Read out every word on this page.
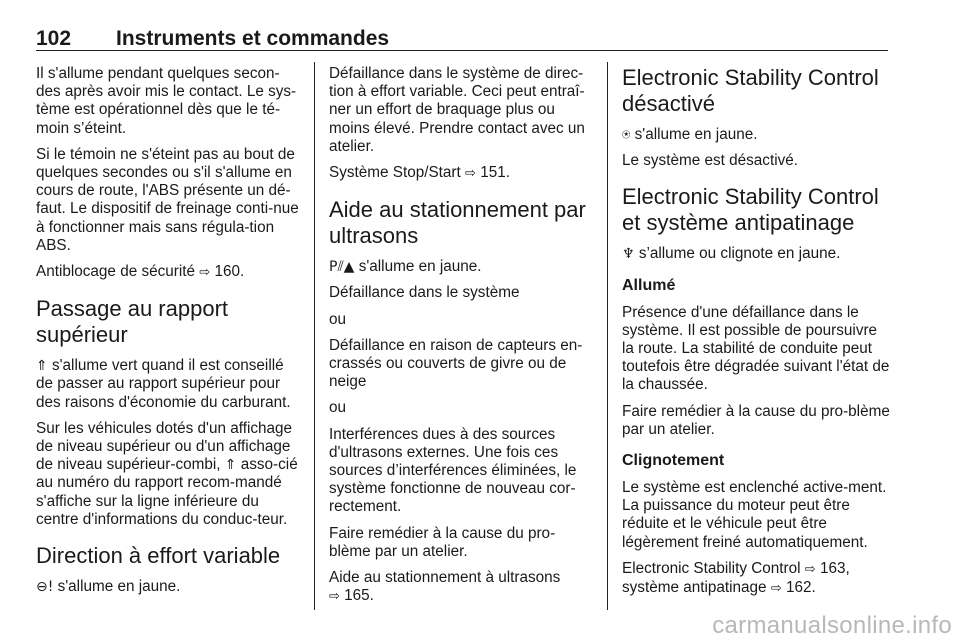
102 Instruments et commandes

Il s'allume pendant quelques secon-des après avoir mis le contact. Le sys-tème est opérationnel dès que le té-moin s’éteint.

Si le témoin ne s'éteint pas au bout de quelques secondes ou s'il s'allume en cours de route, l'ABS présente un dé-faut. Le dispositif de freinage conti-nue à fonctionner mais sans régula-tion ABS.

Antiblocage de sécurité ⇨ 160.

Passage au rapport supérieur

⇑ s'allume vert quand il est conseillé de passer au rapport supérieur pour des raisons d'économie du carburant.

Sur les véhicules dotés d'un affichage de niveau supérieur ou d'un affichage de niveau supérieur-combi, ⇑ asso-cié au numéro du rapport recom-mandé s'affiche sur la ligne inférieure du centre d'informations du conduc-teur.

Direction à effort variable

⊖! s'allume en jaune.

Défaillance dans le système de direc-tion à effort variable. Ceci peut entraî-ner un effort de braquage plus ou moins élevé. Prendre contact avec un atelier.

Système Stop/Start ⇨ 151.

Aide au stationnement par ultrasons

P⫽▲ s'allume en jaune.

Défaillance dans le système

ou

Défaillance en raison de capteurs en-crassés ou couverts de givre ou de neige

ou

Interférences dues à des sources d'ultrasons externes. Une fois ces sources d’interférences éliminées, le système fonctionne de nouveau cor-rectement.

Faire remédier à la cause du pro-blème par un atelier.

Aide au stationnement à ultrasons
⇨ 165.

Electronic Stability Control désactivé

⍟ s'allume en jaune.

Le système est désactivé.

Electronic Stability Control et système antipatinage

♆ s’allume ou clignote en jaune.

Allumé

Présence d'une défaillance dans le système. Il est possible de poursuivre la route. La stabilité de conduite peut toutefois être dégradée suivant l'état de la chaussée.

Faire remédier à la cause du pro-blème par un atelier.

Clignotement

Le système est enclenché active-ment. La puissance du moteur peut être réduite et le véhicule peut être légèrement freiné automatiquement.

Electronic Stability Control ⇨ 163,
système antipatinage ⇨ 162.

carmanualsonline.info
